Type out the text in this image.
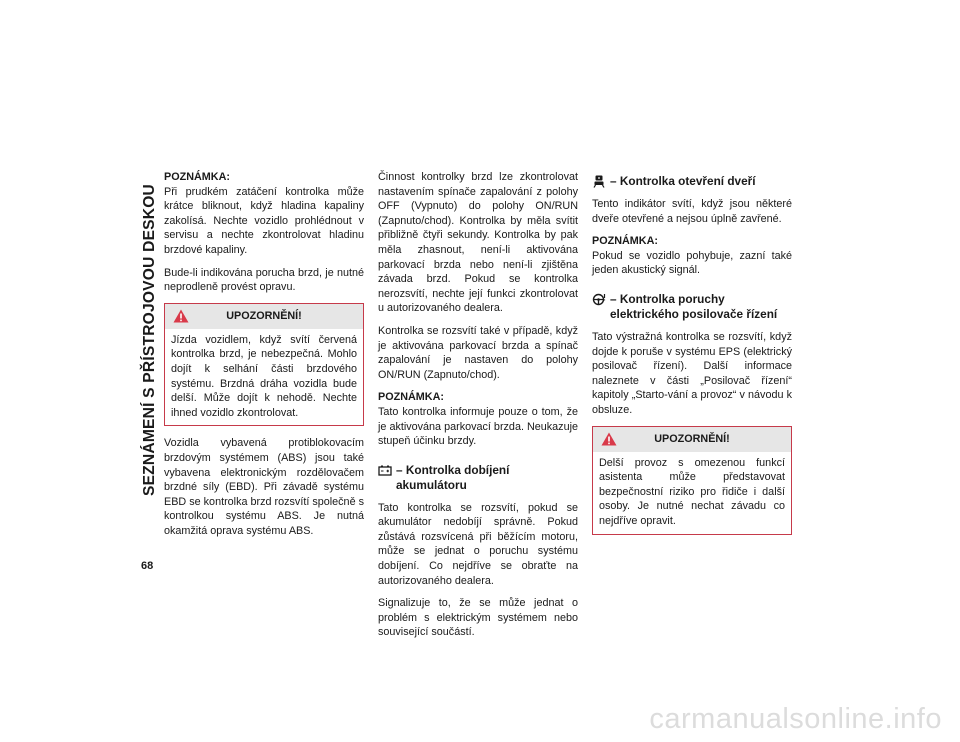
SEZNÁMENÍ S PŘÍSTROJOVOU DESKOU
68

POZNÁMKA:
Při prudkém zatáčení kontrolka může krátce bliknout, když hladina kapaliny zakolísá. Nechte vozidlo prohlédnout v servisu a nechte zkontrolovat hladinu brzdové kapaliny.

Bude-li indikována porucha brzd, je nutné neprodleně provést opravu.

UPOZORNĚNÍ!
Jízda vozidlem, když svítí červená kontrolka brzd, je nebezpečná. Mohlo dojít k selhání části brzdového systému. Brzdná dráha vozidla bude delší. Může dojít k nehodě. Nechte ihned vozidlo zkontrolovat.

Vozidla vybavená protiblokovacím brzdovým systémem (ABS) jsou také vybavena elektronickým rozdělovačem brzdné síly (EBD). Při závadě systému EBD se kontrolka brzd rozsvítí společně s kontrolkou systému ABS. Je nutná okamžitá oprava systému ABS.

Činnost kontrolky brzd lze zkontrolovat nastavením spínače zapalování z polohy OFF (Vypnuto) do polohy ON/RUN (Zapnuto/chod). Kontrolka by měla svítit přibližně čtyři sekundy. Kontrolka by pak měla zhasnout, není-li aktivována parkovací brzda nebo není-li zjištěna závada brzd. Pokud se kontrolka nerozsvítí, nechte její funkci zkontrolovat u autorizovaného dealera.

Kontrolka se rozsvítí také v případě, když je aktivována parkovací brzda a spínač zapalování je nastaven do polohy ON/RUN (Zapnuto/chod).

POZNÁMKA:
Tato kontrolka informuje pouze o tom, že je aktivována parkovací brzda. Neukazuje stupeň účinku brzdy.

– Kontrolka dobíjení akumulátoru

Tato kontrolka se rozsvítí, pokud se akumulátor nedobíjí správně. Pokud zůstává rozsvícená při běžícím motoru, může se jednat o poruchu systému dobíjení. Co nejdříve se obraťte na autorizovaného dealera.

Signalizuje to, že se může jednat o problém s elektrickým systémem nebo související součástí.

– Kontrolka otevření dveří

Tento indikátor svítí, když jsou některé dveře otevřené a nejsou úplně zavřené.

POZNÁMKA:
Pokud se vozidlo pohybuje, zazní také jeden akustický signál.

– Kontrolka poruchy elektrického posilovače řízení

Tato výstražná kontrolka se rozsvítí, když dojde k poruše v systému EPS (elektrický posilovač řízení). Další informace naleznete v části „Posilovač řízení“ kapitoly „Starto-vání a provoz“ v návodu k obsluze.

UPOZORNĚNÍ!
Delší provoz s omezenou funkcí asistenta může představovat bezpečnostní riziko pro řidiče i další osoby. Je nutné nechat závadu co nejdříve opravit.
carmanualsonline.info
